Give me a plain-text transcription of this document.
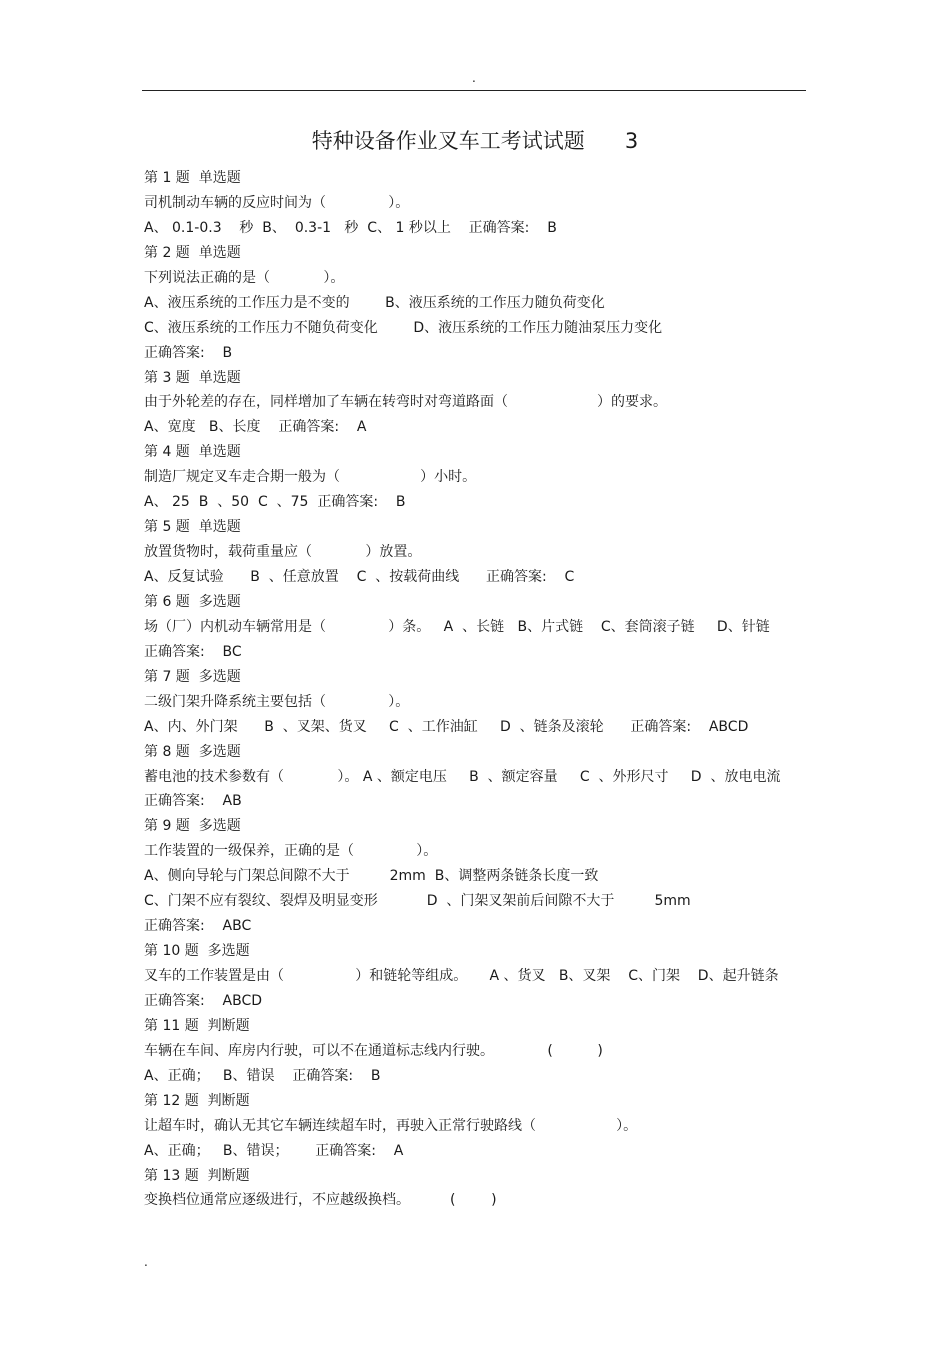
.
特种设备作业叉车工考试试题 3
第 1 题  单选题
司机制动车辆的反应时间为（              ）。
A、 0.1-0.3    秒  B、  0.3-1   秒  C、 1 秒以上    正确答案:    B
第 2 题  单选题
下列说法正确的是（            ）。
A、液压系统的工作压力是不变的        B、液压系统的工作压力随负荷变化
C、液压系统的工作压力不随负荷变化        D、液压系统的工作压力随油泵压力变化
正确答案:    B
第 3 题  单选题
由于外轮差的存在，同样增加了车辆在转弯时对弯道路面（                    ）的要求。
A、宽度   B、长度    正确答案:    A
第 4 题  单选题
制造厂规定叉车走合期一般为（                  ）小时。
A、 25  B  、50  C  、75  正确答案:    B
第 5 题  单选题
放置货物时，载荷重量应（            ）放置。
A、反复试验      B  、任意放置    C  、按载荷曲线      正确答案:    C
第 6 题  多选题
场（厂）内机动车辆常用是（              ）条。   A  、长链   B、片式链    C、套筒滚子链     D、针链
正确答案:    BC
第 7 题  多选题
二级门架升降系统主要包括（              ）。
A、内、外门架      B  、叉架、货叉     C  、工作油缸     D  、链条及滚轮      正确答案:    ABCD
第 8 题  多选题
蓄电池的技术参数有（            ）。 A 、额定电压     B  、额定容量     C  、外形尺寸     D  、放电电流
正确答案:    AB
第 9 题  多选题
工作装置的一级保养，正确的是（              ）。
A、侧向导轮与门架总间隙不大于         2mm  B、调整两条链条长度一致
C、门架不应有裂纹、裂焊及明显变形           D  、门架叉架前后间隙不大于         5mm
正确答案:    ABC
第 10 题  多选题
叉车的工作装置是由（                ）和链轮等组成。     A 、货叉   B、叉架    C、门架    D、起升链条
正确答案:    ABCD
第 11 题  判断题
车辆在车间、库房内行驶，可以不在通道标志线内行驶。            (          )
A、正确；   B、错误    正确答案:    B
第 12 题  判断题
让超车时，确认无其它车辆连续超车时，再驶入正常行驶路线（                  ）。
A、正确；   B、错误；      正确答案:    A
第 13 题  判断题
变换档位通常应逐级进行，不应越级换档。         (        )
.
